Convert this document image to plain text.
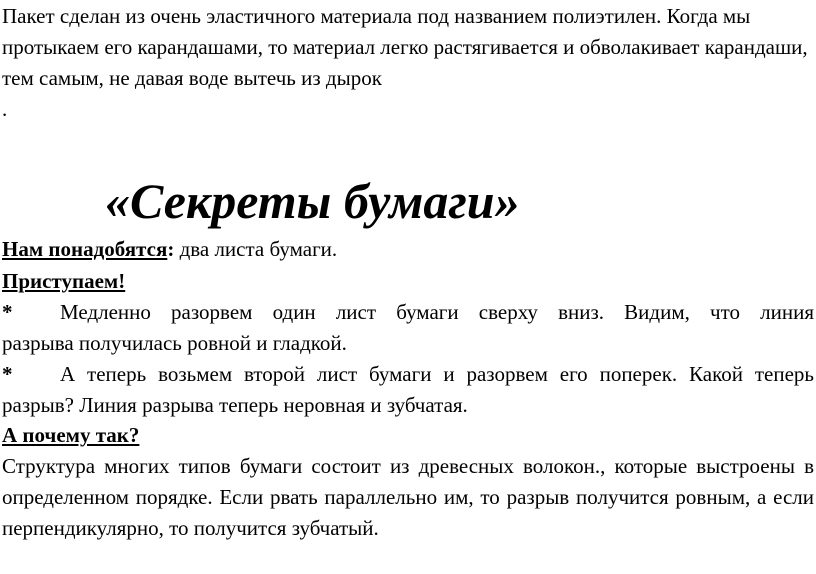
Пакет сделан из очень эластичного материала под названием полиэтилен. Когда мы протыкаем его карандашами, то материал легко растягивается и обволакивает карандаши, тем самым, не давая воде вытечь из дырок

.

«Секреты бумаги»

Нам понадобятся: два листа бумаги.

Приступаем!

*	Медленно разорвем один лист бумаги сверху вниз. Видим, что линия
разрыва получилась ровной и гладкой.
*	А теперь возьмем второй лист бумаги и разорвем его поперек. Какой теперь
разрыв? Линия разрыва теперь неровная и зубчатая.

А почему так?

Структура многих типов бумаги состоит из древесных волокон., которые выстроены в определенном порядке. Если рвать параллельно им, то разрыв получится ровным, а если перпендикулярно, то получится зубчатый.
